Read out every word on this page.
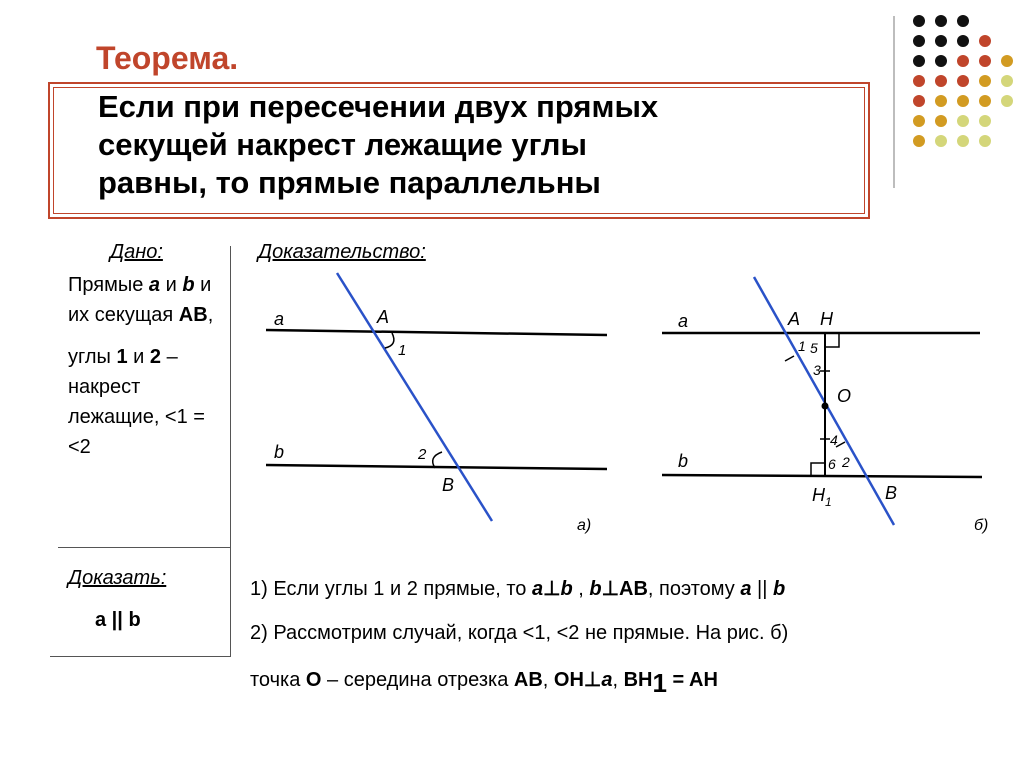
Теорема.
Если при пересечении двух прямых
секущей накрест лежащие углы
равны, то прямые параллельны
Дано:	Доказательство:

Прямые a и b и их секущая AB,

углы 1 и 2 – накрест лежащие, <1 = <2

Доказать:
a || b
a
b
A
B
1
2
а)
a
b
A H
O
B
$H_1$
1 5
3
4
6 2
б)
1) Если углы 1 и 2 прямые, то a⊥b , b⊥AB, поэтому a || b
2) Рассмотрим случай, когда <1, <2 не прямые. На рис. б)
точка O – середина отрезка AB, OH⊥a, BH1 = AH
